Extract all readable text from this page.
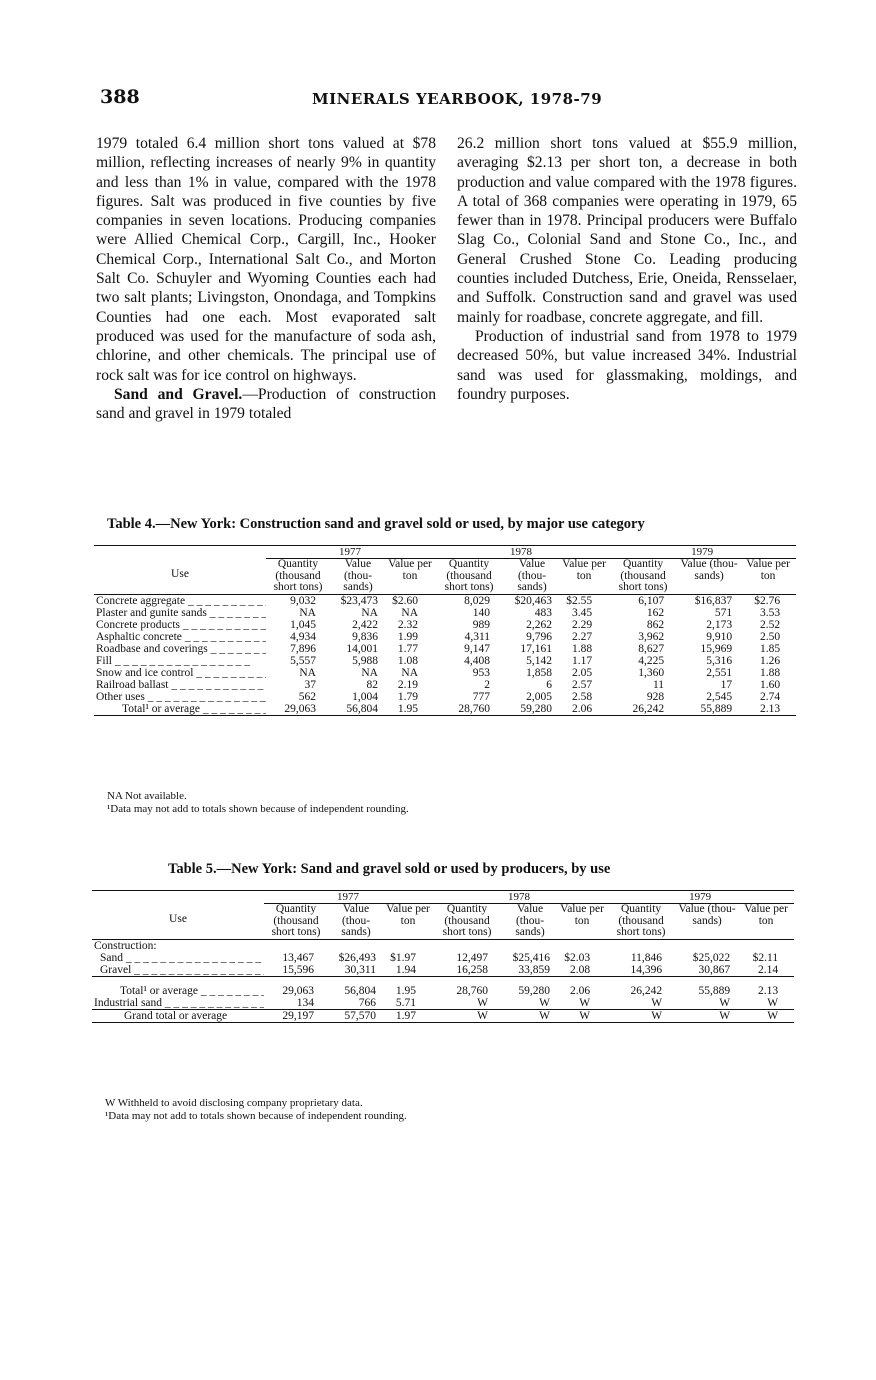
388	MINERALS YEARBOOK, 1978-79

1979 totaled 6.4 million short tons valued at $78 million, reflecting increases of nearly 9% in quantity and less than 1% in value, compared with the 1978 figures. Salt was produced in five counties by five companies in seven locations. Producing companies were Allied Chemical Corp., Cargill, Inc., Hooker Chemical Corp., International Salt Co., and Morton Salt Co. Schuyler and Wyoming Counties each had two salt plants; Livingston, Onondaga, and Tompkins Counties had one each. Most evaporated salt produced was used for the manufacture of soda ash, chlorine, and other chemicals. The principal use of rock salt was for ice control on highways.

Sand and Gravel.—Production of construction sand and gravel in 1979 totaled

26.2 million short tons valued at $55.9 million, averaging $2.13 per short ton, a decrease in both production and value compared with the 1978 figures. A total of 368 companies were operating in 1979, 65 fewer than in 1978. Principal producers were Buffalo Slag Co., Colonial Sand and Stone Co., Inc., and General Crushed Stone Co. Leading producing counties included Dutchess, Erie, Oneida, Rensselaer, and Suffolk. Construction sand and gravel was used mainly for roadbase, concrete aggregate, and fill.

Production of industrial sand from 1978 to 1979 decreased 50%, but value increased 34%. Industrial sand was used for glassmaking, moldings, and foundry purposes.

Table 4.—New York: Construction sand and gravel sold or used, by major use category
	1977			1978			1979		
Use	Quantity (thousand short tons)	Value (thou- sands)	Value per ton	Quantity (thousand short tons)	Value (thou- sands)	Value per ton	Quantity (thousand short tons)	Value (thou- sands)	Value per ton
Concrete aggregate _ _ _	9,032	$23,473	$2.60	8,029	$20,463	$2.55	6,107	$16,837	$2.76
Plaster and gunite sands _ _ _	NA	NA	NA	140	483	3.45	162	571	3.53
Concrete products _ _ _	1,045	2,422	2.32	989	2,262	2.29	862	2,173	2.52
Asphaltic concrete _ _ _	4,934	9,836	1.99	4,311	9,796	2.27	3,962	9,910	2.50
Roadbase and coverings _ _ _	7,896	14,001	1.77	9,147	17,161	1.88	8,627	15,969	1.85
Fill _ _ _	5,557	5,988	1.08	4,408	5,142	1.17	4,225	5,316	1.26
Snow and ice control _ _ _	NA	NA	NA	953	1,858	2.05	1,360	2,551	1.88
Railroad ballast _ _ _	37	82	2.19	2	6	2.57	11	17	1.60
Other uses _ _ _	562	1,004	1.79	777	2,005	2.58	928	2,545	2.74
Total¹ or average _ _ _	29,063	56,804	1.95	28,760	59,280	2.06	26,242	55,889	2.13
NA Not available.
¹Data may not add to totals shown because of independent rounding.
Table 5.—New York: Sand and gravel sold or used by producers, by use
	1977			1978			1979		
Use	Quantity (thousand short tons)	Value (thou- sands)	Value per ton	Quantity (thousand short tons)	Value (thou- sands)	Value per ton	Quantity (thousand short tons)	Value (thou- sands)	Value per ton
Construction:									
Sand _ _ _	13,467	$26,493	$1.97	12,497	$25,416	$2.03	11,846	$25,022	$2.11
Gravel _ _ _	15,596	30,311	1.94	16,258	33,859	2.08	14,396	30,867	2.14
Total¹ or average _ _ _	29,063	56,804	1.95	28,760	59,280	2.06	26,242	55,889	2.13
Industrial sand _ _ _	134	766	5.71	W	W	W	W	W	W
Grand total or average	29,197	57,570	1.97	W	W	W	W	W	W
W Withheld to avoid disclosing company proprietary data.
¹Data may not add to totals shown because of independent rounding.
